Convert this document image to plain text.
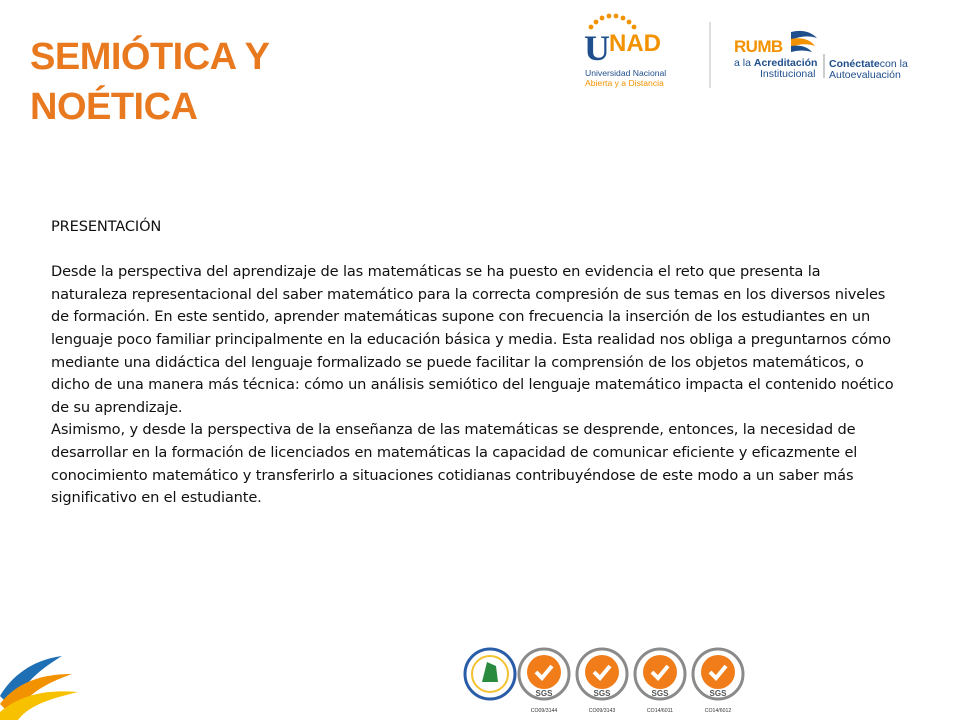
SEMIÓTICA Y
NOÉTICA
U NAD
Universidad Nacional
Abierta y a Distancia
RUMB
a la Acreditación
Institucional
Conéctatecon la
Autoevaluación

PRESENTACIÓN

Desde la perspectiva del aprendizaje de las matemáticas se ha puesto en evidencia el reto que presenta la naturaleza representacional del saber matemático para la correcta compresión de sus temas en los diversos niveles de formación. En este sentido, aprender matemáticas supone con frecuencia la inserción de los estudiantes en un lenguaje poco familiar principalmente en la educación básica y media. Esta realidad nos obliga a preguntarnos cómo mediante una didáctica del lenguaje formalizado se puede facilitar la comprensión de los objetos matemáticos, o dicho de una manera más técnica: cómo un análisis semiótico del lenguaje matemático impacta el contenido noético de su aprendizaje.

Asimismo, y desde la perspectiva de la enseñanza de las matemáticas se desprende, entonces, la necesidad de desarrollar en la formación de licenciados en matemáticas la capacidad de comunicar eficiente y eficazmente el conocimiento matemático y transferirlo a situaciones cotidianas contribuyéndose de este modo a un saber más significativo en el estudiante.

SGS
CO09/3144
SGS
CO09/3143
SGS
CO14/6011
SGS
CO14/6012
